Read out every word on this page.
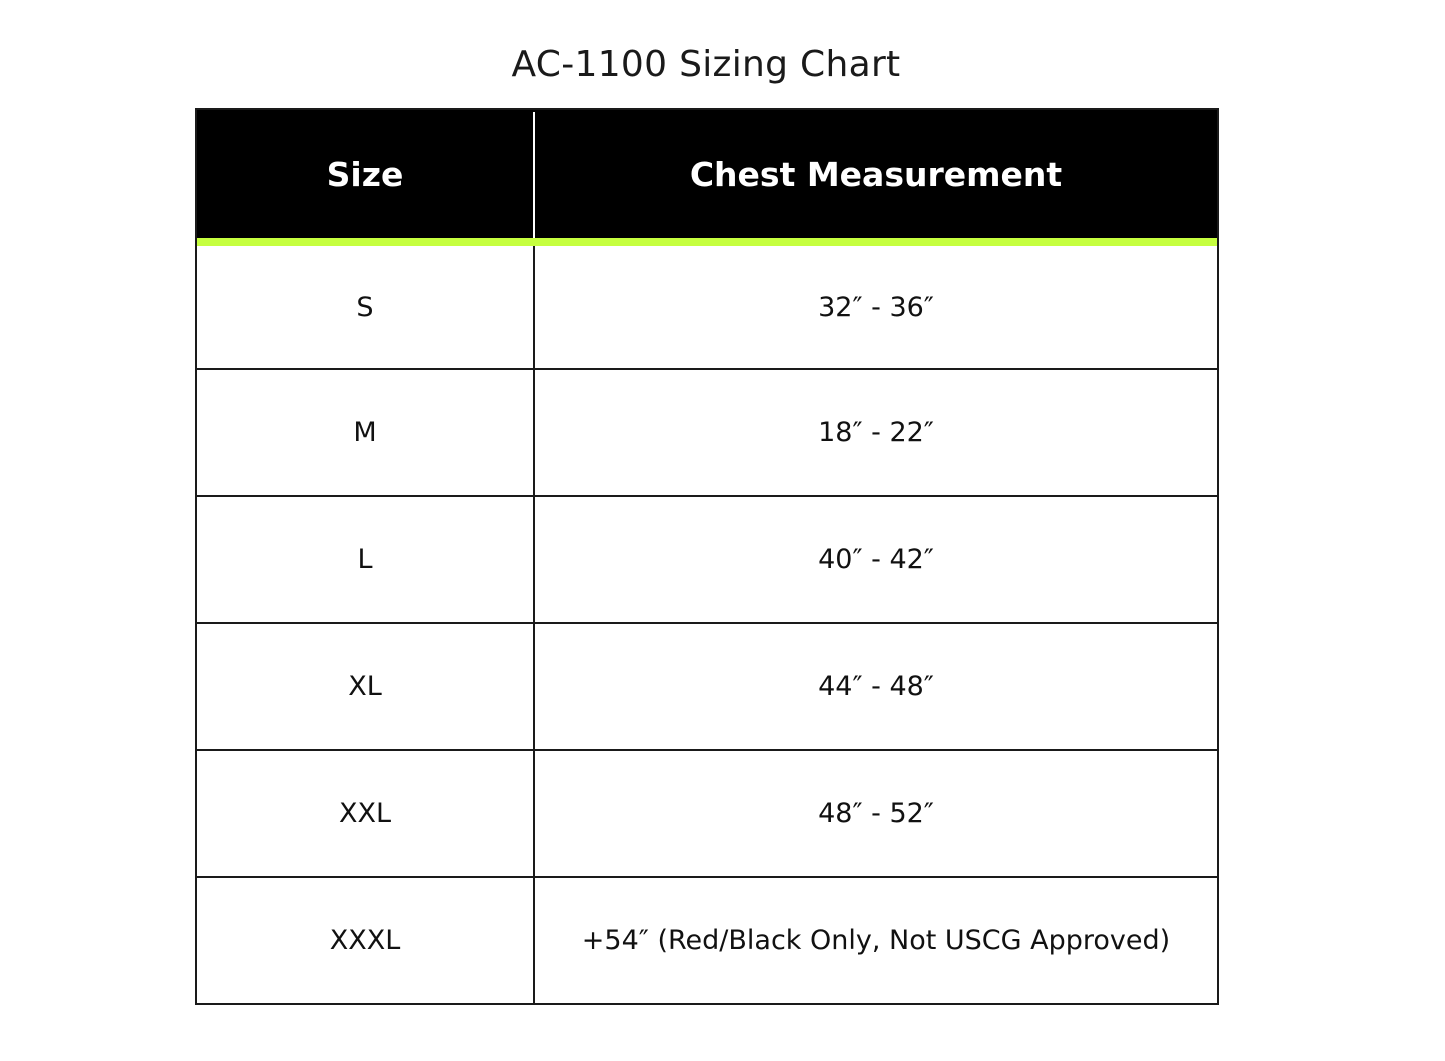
AC-1100 Sizing Chart
Size	Chest Measurement
S	32″ - 36″
M	18″ - 22″
L	40″ - 42″
XL	44″ - 48″
XXL	48″ - 52″
XXXL	+54″ (Red/Black Only, Not USCG Approved)
